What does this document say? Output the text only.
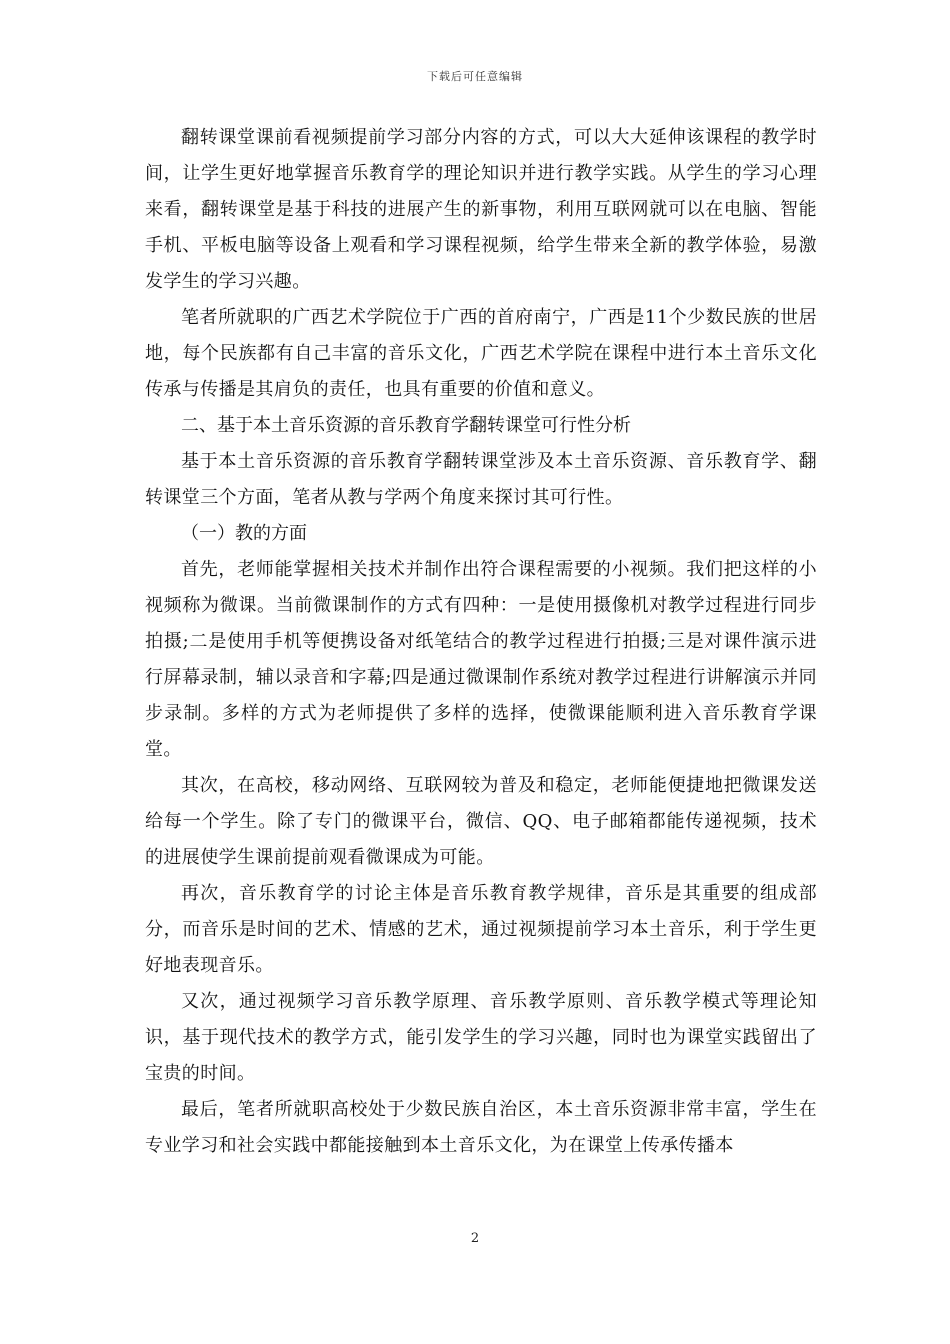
下载后可任意编辑

翻转课堂课前看视频提前学习部分内容的方式，可以大大延伸该课程的教学时间，让学生更好地掌握音乐教育学的理论知识并进行教学实践。从学生的学习心理来看，翻转课堂是基于科技的进展产生的新事物，利用互联网就可以在电脑、智能手机、平板电脑等设备上观看和学习课程视频，给学生带来全新的教学体验，易激发学生的学习兴趣。

笔者所就职的广西艺术学院位于广西的首府南宁，广西是11个少数民族的世居地，每个民族都有自己丰富的音乐文化，广西艺术学院在课程中进行本土音乐文化传承与传播是其肩负的责任，也具有重要的价值和意义。

二、基于本土音乐资源的音乐教育学翻转课堂可行性分析

基于本土音乐资源的音乐教育学翻转课堂涉及本土音乐资源、音乐教育学、翻转课堂三个方面，笔者从教与学两个角度来探讨其可行性。

（一）教的方面

首先，老师能掌握相关技术并制作出符合课程需要的小视频。我们把这样的小视频称为微课。当前微课制作的方式有四种：一是使用摄像机对教学过程进行同步拍摄;二是使用手机等便携设备对纸笔结合的教学过程进行拍摄;三是对课件演示进行屏幕录制，辅以录音和字幕;四是通过微课制作系统对教学过程进行讲解演示并同步录制。多样的方式为老师提供了多样的选择，使微课能顺利进入音乐教育学课堂。

其次，在高校，移动网络、互联网较为普及和稳定，老师能便捷地把微课发送给每一个学生。除了专门的微课平台，微信、QQ、电子邮箱都能传递视频，技术的进展使学生课前提前观看微课成为可能。

再次，音乐教育学的讨论主体是音乐教育教学规律，音乐是其重要的组成部分，而音乐是时间的艺术、情感的艺术，通过视频提前学习本土音乐，利于学生更好地表现音乐。

又次，通过视频学习音乐教学原理、音乐教学原则、音乐教学模式等理论知识，基于现代技术的教学方式，能引发学生的学习兴趣，同时也为课堂实践留出了宝贵的时间。

最后，笔者所就职高校处于少数民族自治区，本土音乐资源非常丰富，学生在专业学习和社会实践中都能接触到本土音乐文化，为在课堂上传承传播本

2
